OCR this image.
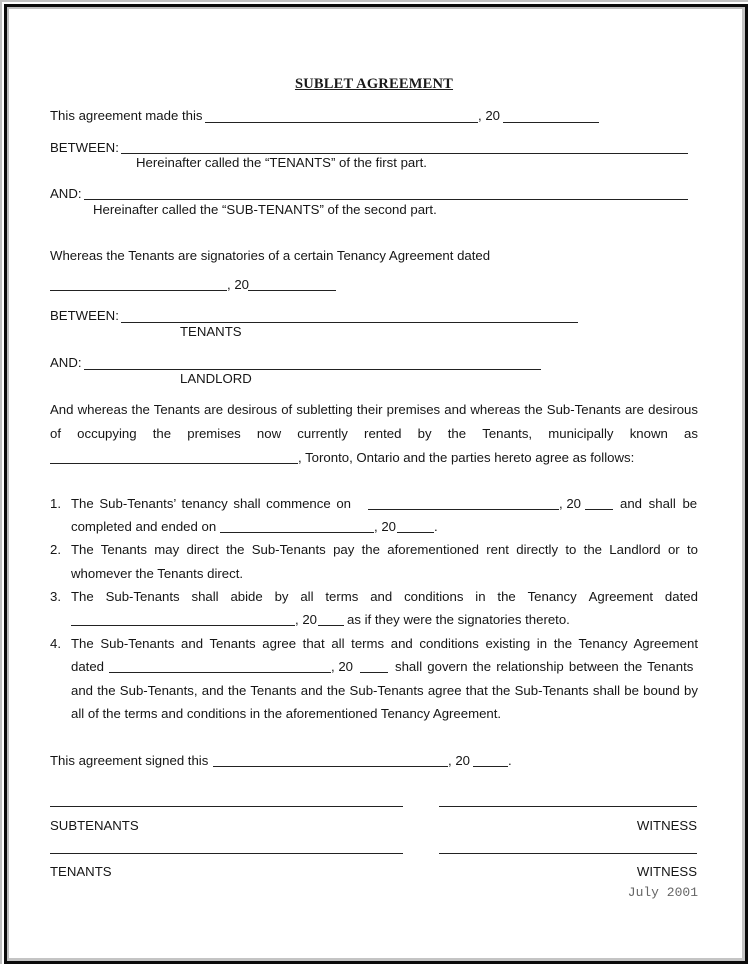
SUBLET AGREEMENT
This agreement made this	, 20
BETWEEN:
Hereinafter called the “TENANTS” of the first part.
AND:
Hereinafter called the “SUB-TENANTS” of the second part.
Whereas the Tenants are signatories of a certain Tenancy Agreement dated
, 20
BETWEEN:
TENANTS
AND:
LANDLORD
And whereas the Tenants are desirous of subletting their premises and whereas the Sub-Tenants are desirous
of occupying the premises now currently rented by the Tenants, municipally known as
, Toronto, Ontario and the parties hereto agree as follows:
1. The Sub-Tenants’ tenancy shall commence on	, 20	and shall be
completed and ended on	, 20	.
2. The Tenants may direct the Sub-Tenants pay the aforementioned rent directly to the Landlord or to
whomever the Tenants direct.
3. The Sub-Tenants shall abide by all terms and conditions in the Tenancy Agreement dated
, 20 as if they were the signatories thereto.
4. The Sub-Tenants and Tenants agree that all terms and conditions existing in the Tenancy Agreement
dated	, 20	shall govern the relationship between the Tenants
and the Sub-Tenants, and the Tenants and the Sub-Tenants agree that the Sub-Tenants shall be bound by
all of the terms and conditions in the aforementioned Tenancy Agreement.
This agreement signed this	, 20	.
SUBTENANTS	WITNESS
TENANTS	WITNESS
July 2001
